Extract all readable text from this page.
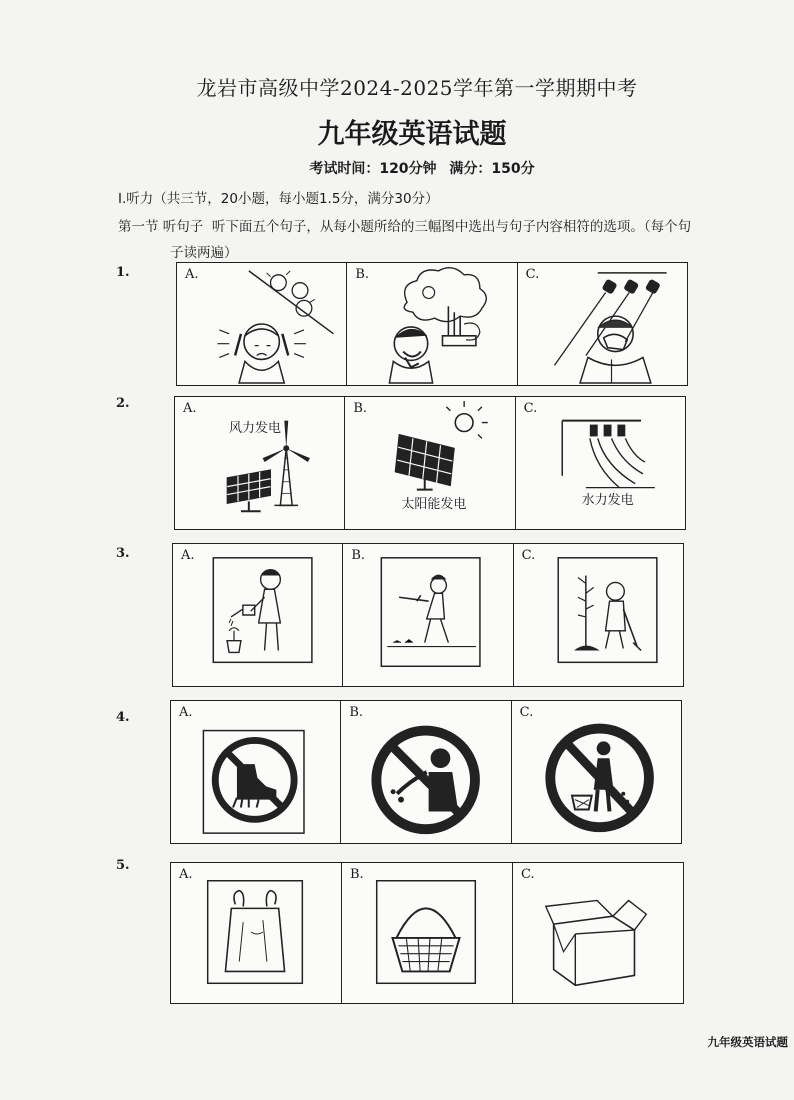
龙岩市高级中学2024-2025学年第一学期期中考
九年级英语试题
考试时间：120分钟 满分：150分
Ⅰ.听力（共三节，20小题，每小题1.5分，满分30分）
第一节 听句子 听下面五个句子，从每小题所给的三幅图中选出与句子内容相符的选项。（每个句
子读两遍）
1.	A.	B.	C.
2.	A.
风力发电
B.
太阳能发电
C.
水力发电
3.	A.	B.	C.
4.	A.	B.	C.
5.
A.	B.	C.
九年级英语试题
